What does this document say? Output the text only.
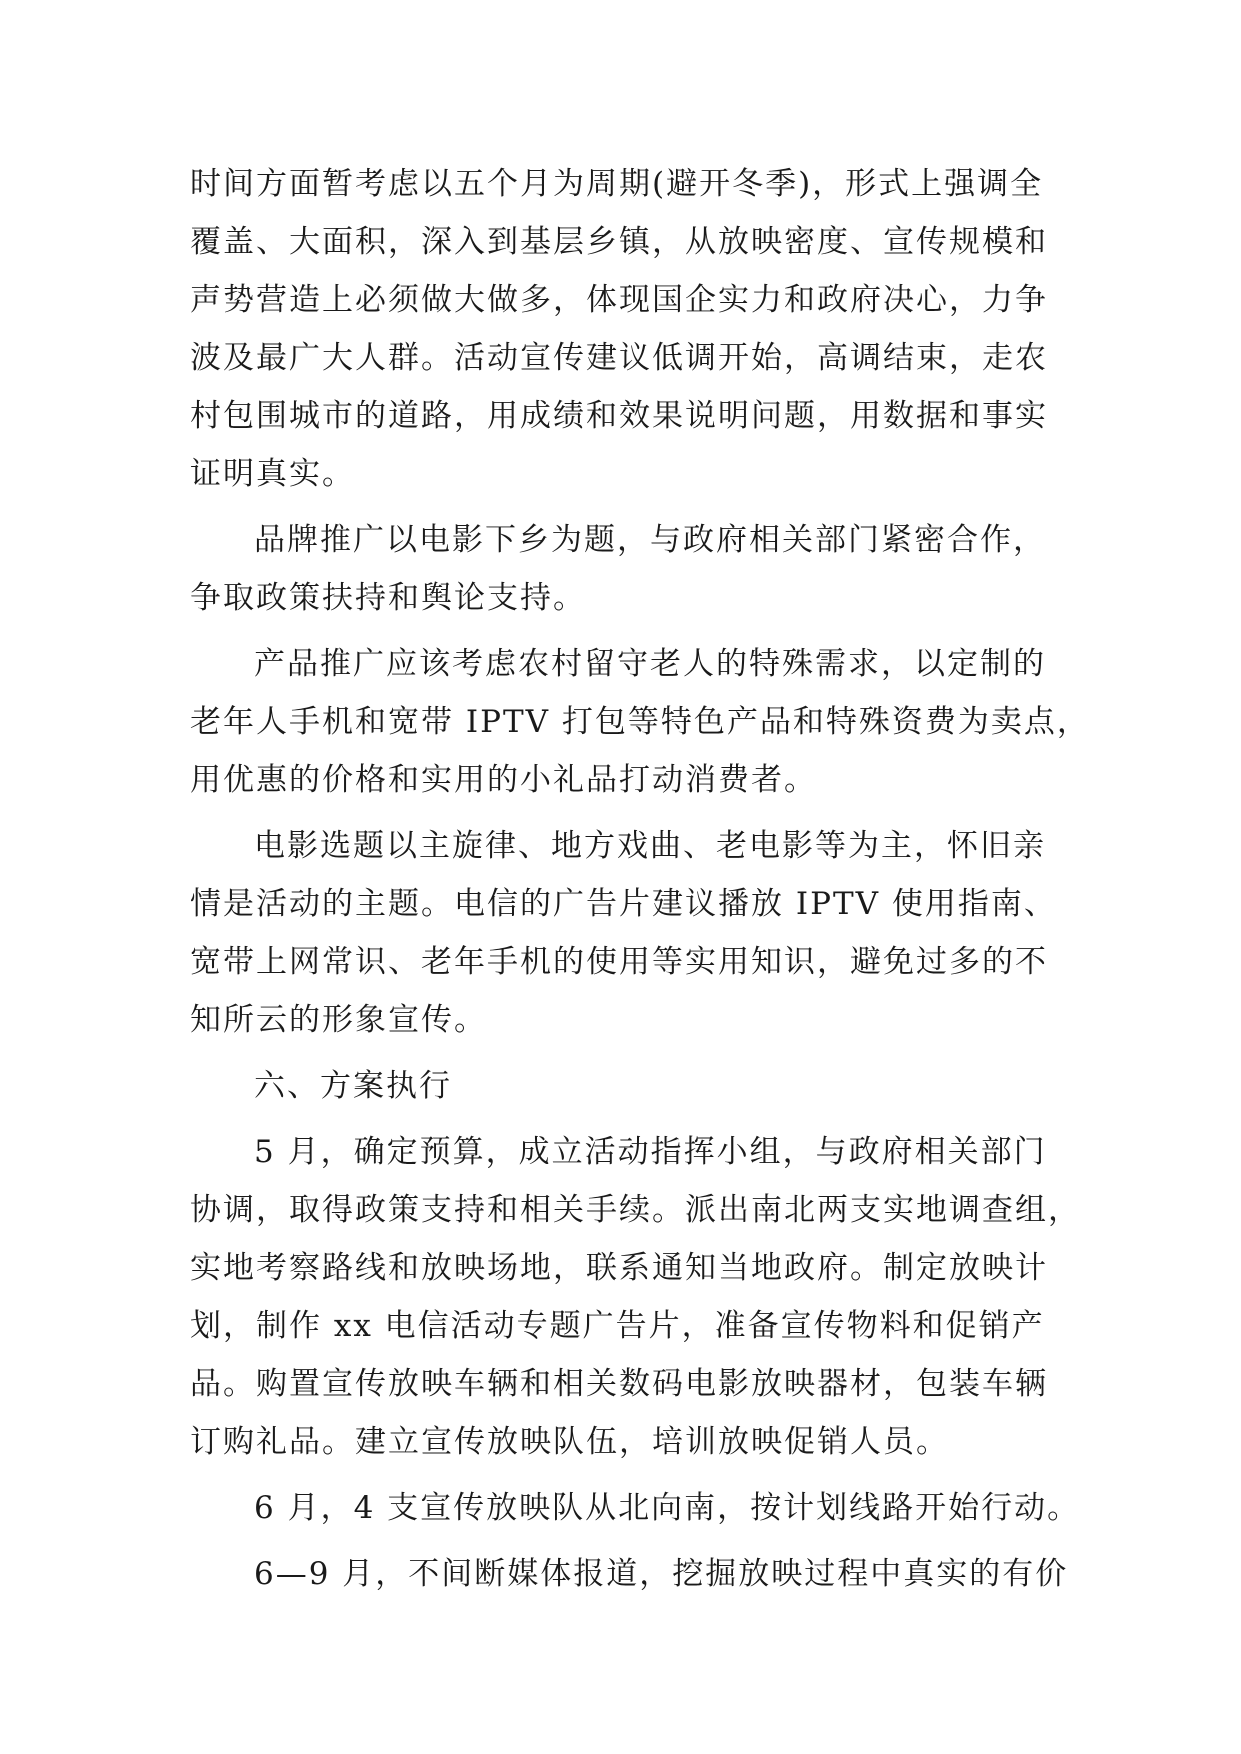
时间方面暂考虑以五个月为周期(避开冬季)，形式上强调全
覆盖、大面积，深入到基层乡镇，从放映密度、宣传规模和
声势营造上必须做大做多，体现国企实力和政府决心，力争
波及最广大人群。活动宣传建议低调开始，高调结束，走农
村包围城市的道路，用成绩和效果说明问题，用数据和事实
证明真实。
品牌推广以电影下乡为题，与政府相关部门紧密合作，
争取政策扶持和舆论支持。
产品推广应该考虑农村留守老人的特殊需求，以定制的
老年人手机和宽带 IPTV 打包等特色产品和特殊资费为卖点，
用优惠的价格和实用的小礼品打动消费者。
电影选题以主旋律、地方戏曲、老电影等为主，怀旧亲
情是活动的主题。电信的广告片建议播放 IPTV 使用指南、
宽带上网常识、老年手机的使用等实用知识，避免过多的不
知所云的形象宣传。
六、方案执行
5 月，确定预算，成立活动指挥小组，与政府相关部门
协调，取得政策支持和相关手续。派出南北两支实地调查组，
实地考察路线和放映场地，联系通知当地政府。制定放映计
划，制作 xx 电信活动专题广告片，准备宣传物料和促销产
品。购置宣传放映车辆和相关数码电影放映器材，包装车辆
订购礼品。建立宣传放映队伍，培训放映促销人员。
6 月，4 支宣传放映队从北向南，按计划线路开始行动。
6—9 月，不间断媒体报道，挖掘放映过程中真实的有价
